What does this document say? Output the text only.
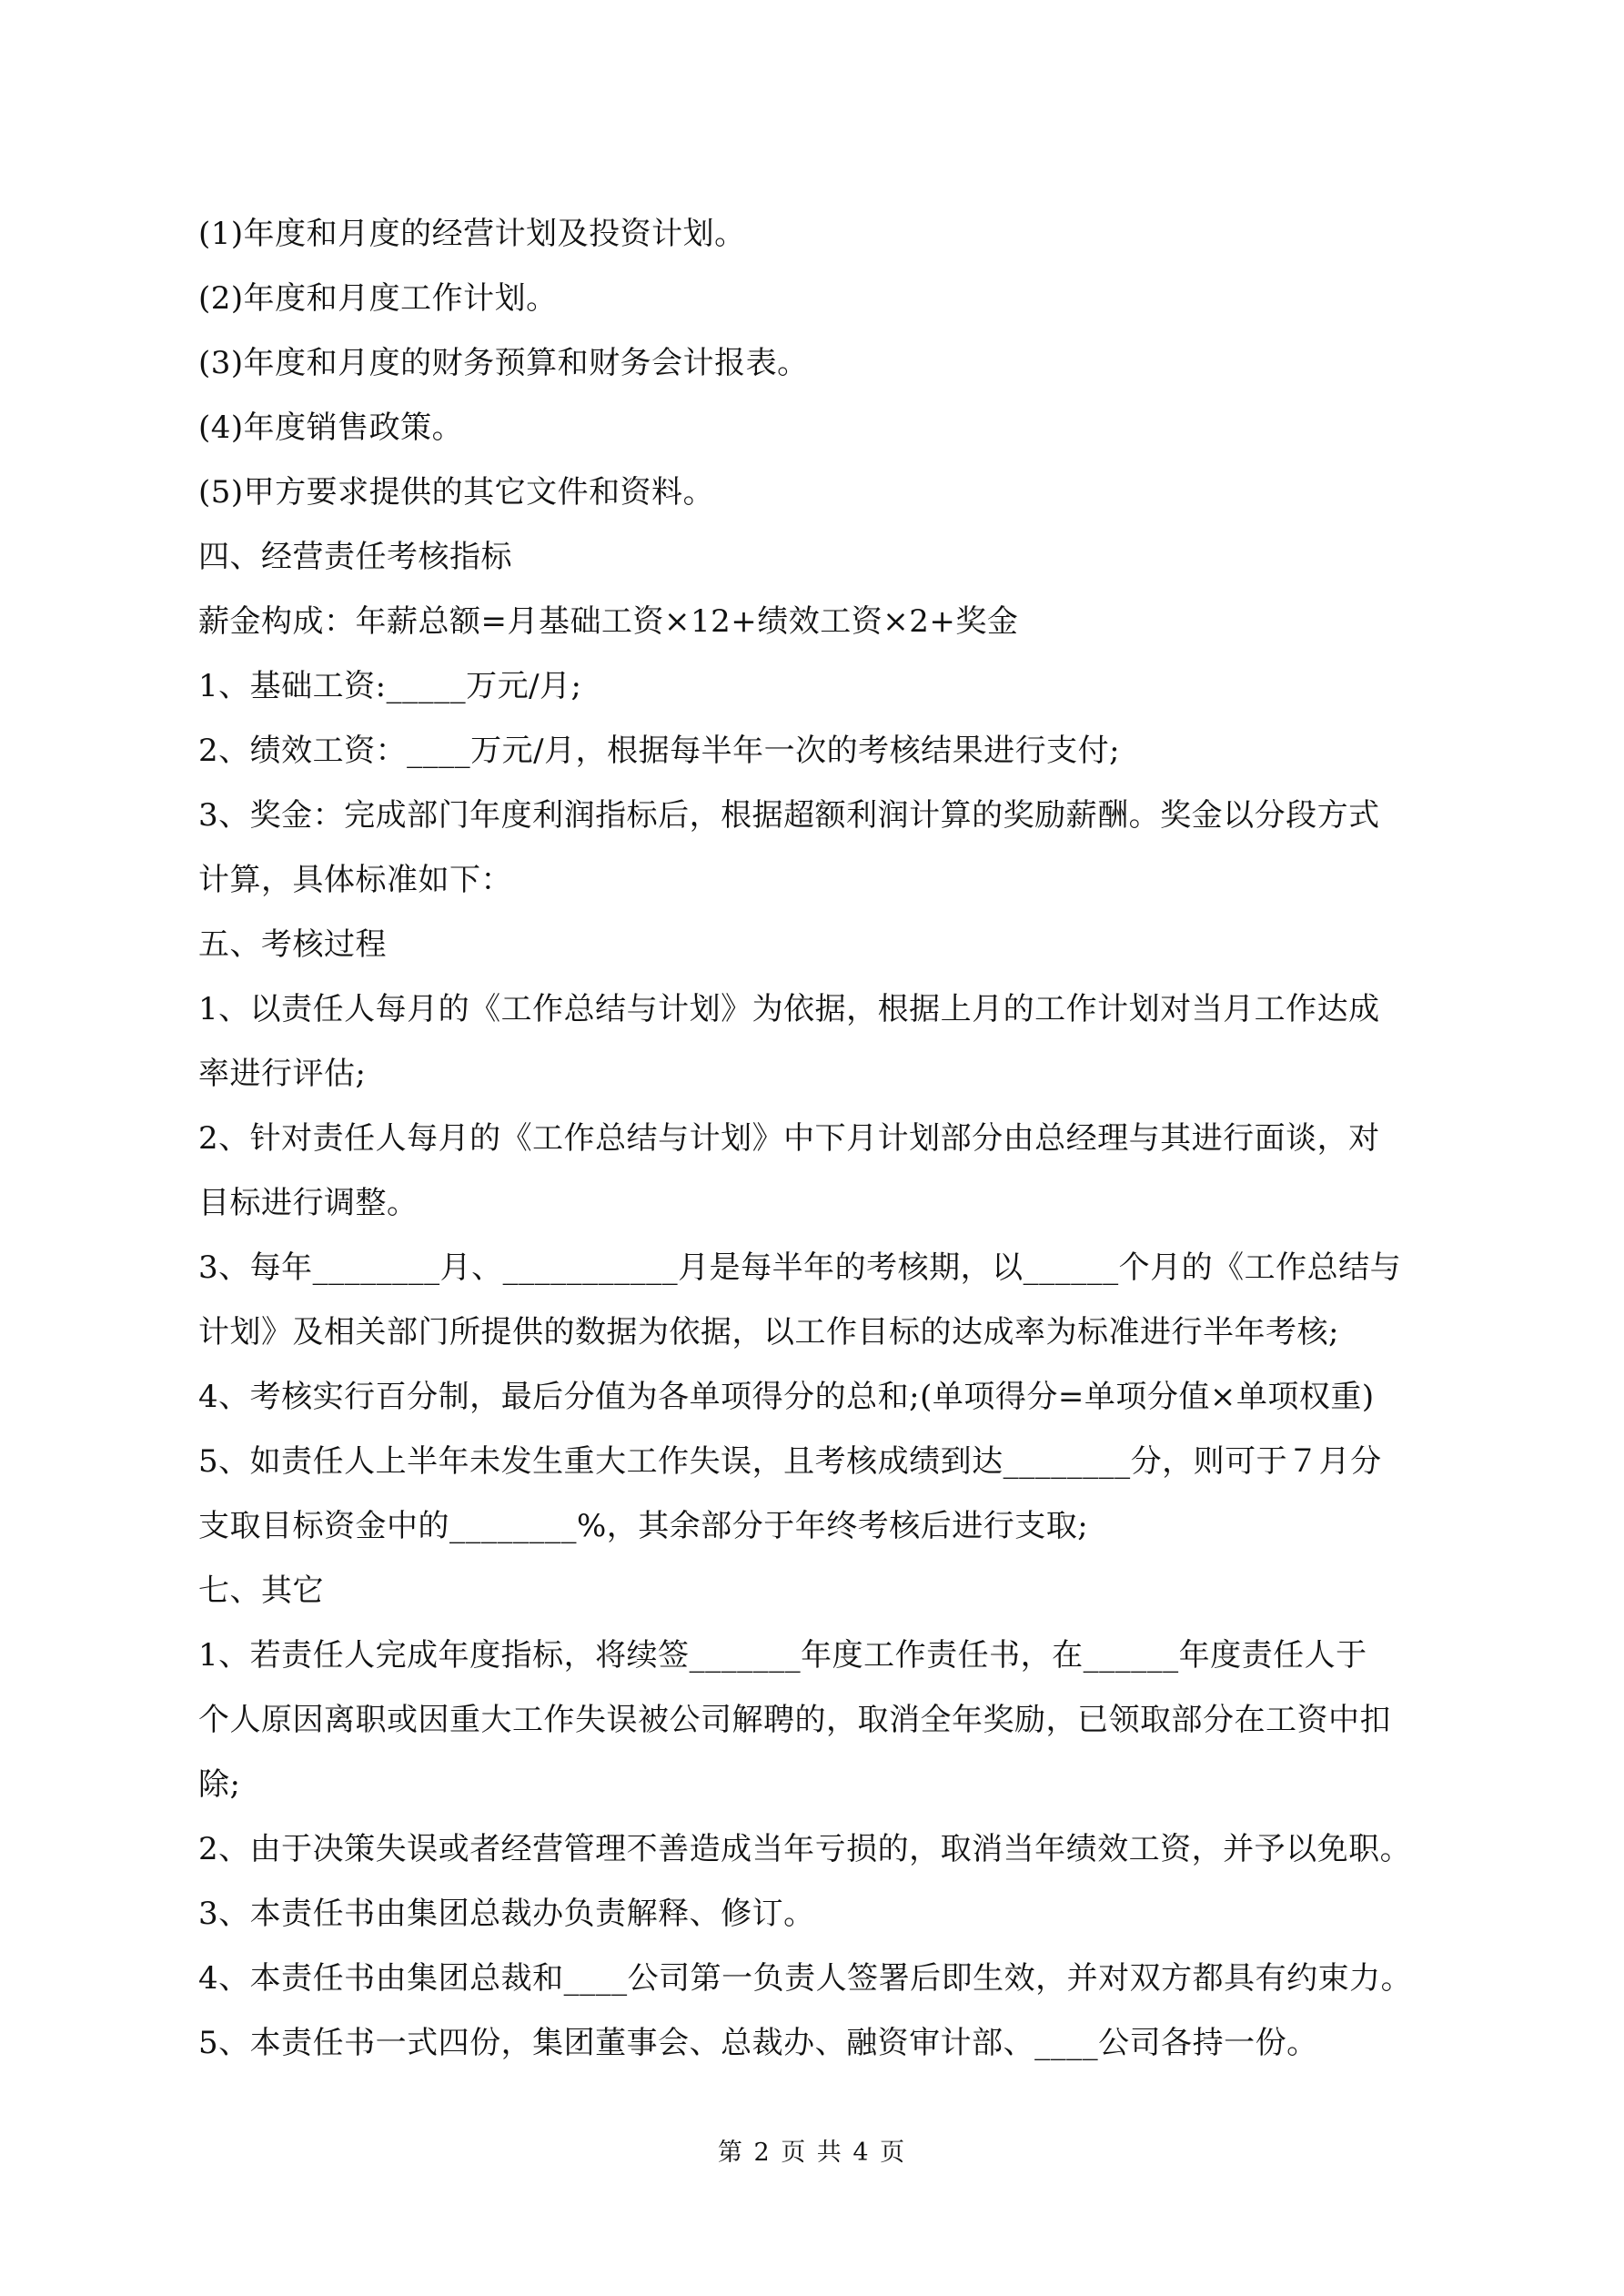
(1)年度和月度的经营计划及投资计划。
(2)年度和月度工作计划。
(3)年度和月度的财务预算和财务会计报表。
(4)年度销售政策。
(5)甲方要求提供的其它文件和资料。
四、经营责任考核指标
薪金构成：年薪总额=月基础工资×12+绩效工资×2+奖金
1、基础工资:_____万元/月;
2、绩效工资：____万元/月，根据每半年一次的考核结果进行支付;
3、奖金：完成部门年度利润指标后，根据超额利润计算的奖励薪酬。奖金以分段方式
计算，具体标准如下：
五、考核过程
1、以责任人每月的《工作总结与计划》为依据，根据上月的工作计划对当月工作达成
率进行评估;
2、针对责任人每月的《工作总结与计划》中下月计划部分由总经理与其进行面谈，对
目标进行调整。
3、每年________月、___________月是每半年的考核期，以______个月的《工作总结与
计划》及相关部门所提供的数据为依据，以工作目标的达成率为标准进行半年考核;
4、考核实行百分制，最后分值为各单项得分的总和;(单项得分=单项分值×单项权重)
5、如责任人上半年未发生重大工作失误，且考核成绩到达________分，则可于７月分
支取目标资金中的________%，其余部分于年终考核后进行支取;
七、其它
1、若责任人完成年度指标，将续签_______年度工作责任书，在______年度责任人于
个人原因离职或因重大工作失误被公司解聘的，取消全年奖励，已领取部分在工资中扣
除;
2、由于决策失误或者经营管理不善造成当年亏损的，取消当年绩效工资，并予以免职。
3、本责任书由集团总裁办负责解释、修订。
4、本责任书由集团总裁和____公司第一负责人签署后即生效，并对双方都具有约束力。
5、本责任书一式四份，集团董事会、总裁办、融资审计部、____公司各持一份。
第 2 页 共 4 页
